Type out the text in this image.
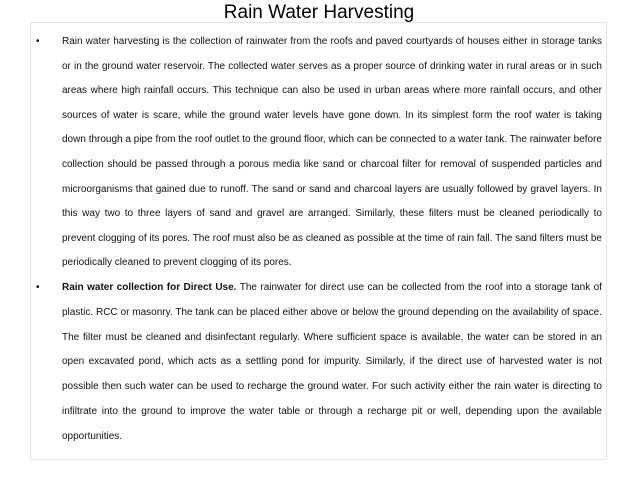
Rain Water Harvesting
• Rain water harvesting is the collection of rainwater from the roofs and paved courtyards of houses either in storage tanks or in the ground water reservoir. The collected water serves as a proper source of drinking water in rural areas or in such areas where high rainfall occurs. This technique can also be used in urban areas where more rainfall occurs, and other sources of water is scare, while the ground water levels have gone down. In its simplest form the roof water is taking down through a pipe from the roof outlet to the ground floor, which can be connected to a water tank. The rainwater before collection should be passed through a porous media like sand or charcoal filter for removal of suspended particles and microorganisms that gained due to runoff. The sand or sand and charcoal layers are usually followed by gravel layers. In this way two to three layers of sand and gravel are arranged. Similarly, these filters must be cleaned periodically to prevent clogging of its pores. The roof must also be as cleaned as possible at the time of rain fall. The sand filters must be periodically cleaned to prevent clogging of its pores.

• Rain water collection for Direct Use. The rainwater for direct use can be collected from the roof into a storage tank of plastic. RCC or masonry. The tank can be placed either above or below the ground depending on the availability of space. The filter must be cleaned and disinfectant regularly. Where sufficient space is available, the water can be stored in an open excavated pond, which acts as a settling pond for impurity. Similarly, if the direct use of harvested water is not possible then such water can be used to recharge the ground water. For such activity either the rain water is directing to infiltrate into the ground to improve the water table or through a recharge pit or well, depending upon the available opportunities.
